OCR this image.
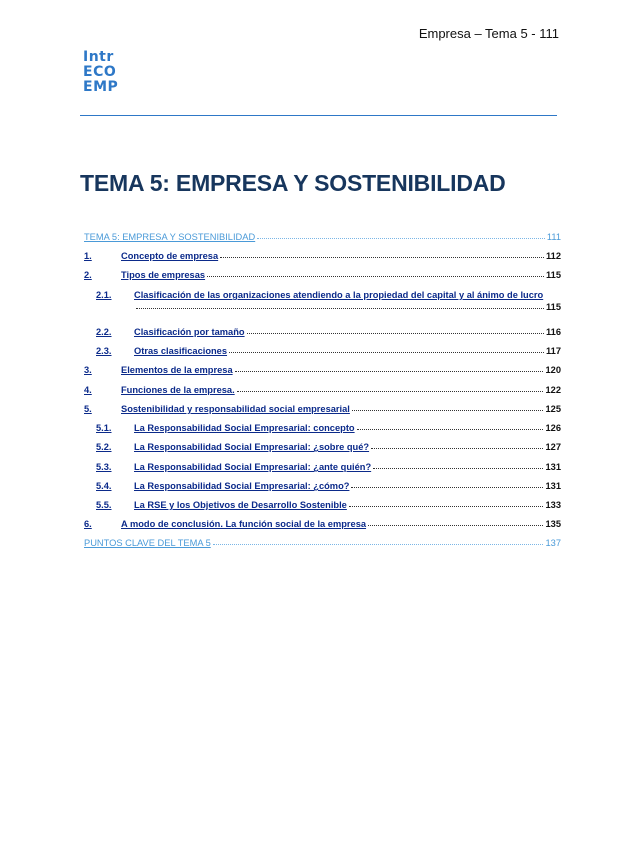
Empresa – Tema 5 - 111
Intr
ECO
EMP
TEMA 5: EMPRESA Y SOSTENIBILIDAD
TEMA 5: EMPRESA Y SOSTENIBILIDAD	111
1.	Concepto de empresa	112
2.	Tipos de empresas	115
2.1.	Clasificación de las organizaciones atendiendo a la propiedad del capital y al ánimo de lucro
115
2.2.	Clasificación por tamaño	116
2.3.	Otras clasificaciones	117
3.	Elementos de la empresa	120
4.	Funciones de la empresa.	122
5.	Sostenibilidad y responsabilidad social empresarial	125
5.1.	La Responsabilidad Social Empresarial: concepto	126
5.2.	La Responsabilidad Social Empresarial: ¿sobre qué?	127
5.3.	La Responsabilidad Social Empresarial: ¿ante quién?	131
5.4.	La Responsabilidad Social Empresarial: ¿cómo?	131
5.5.	La RSE y los Objetivos de Desarrollo Sostenible	133
6.	A modo de conclusión. La función social de la empresa	135
PUNTOS CLAVE DEL TEMA 5	137
